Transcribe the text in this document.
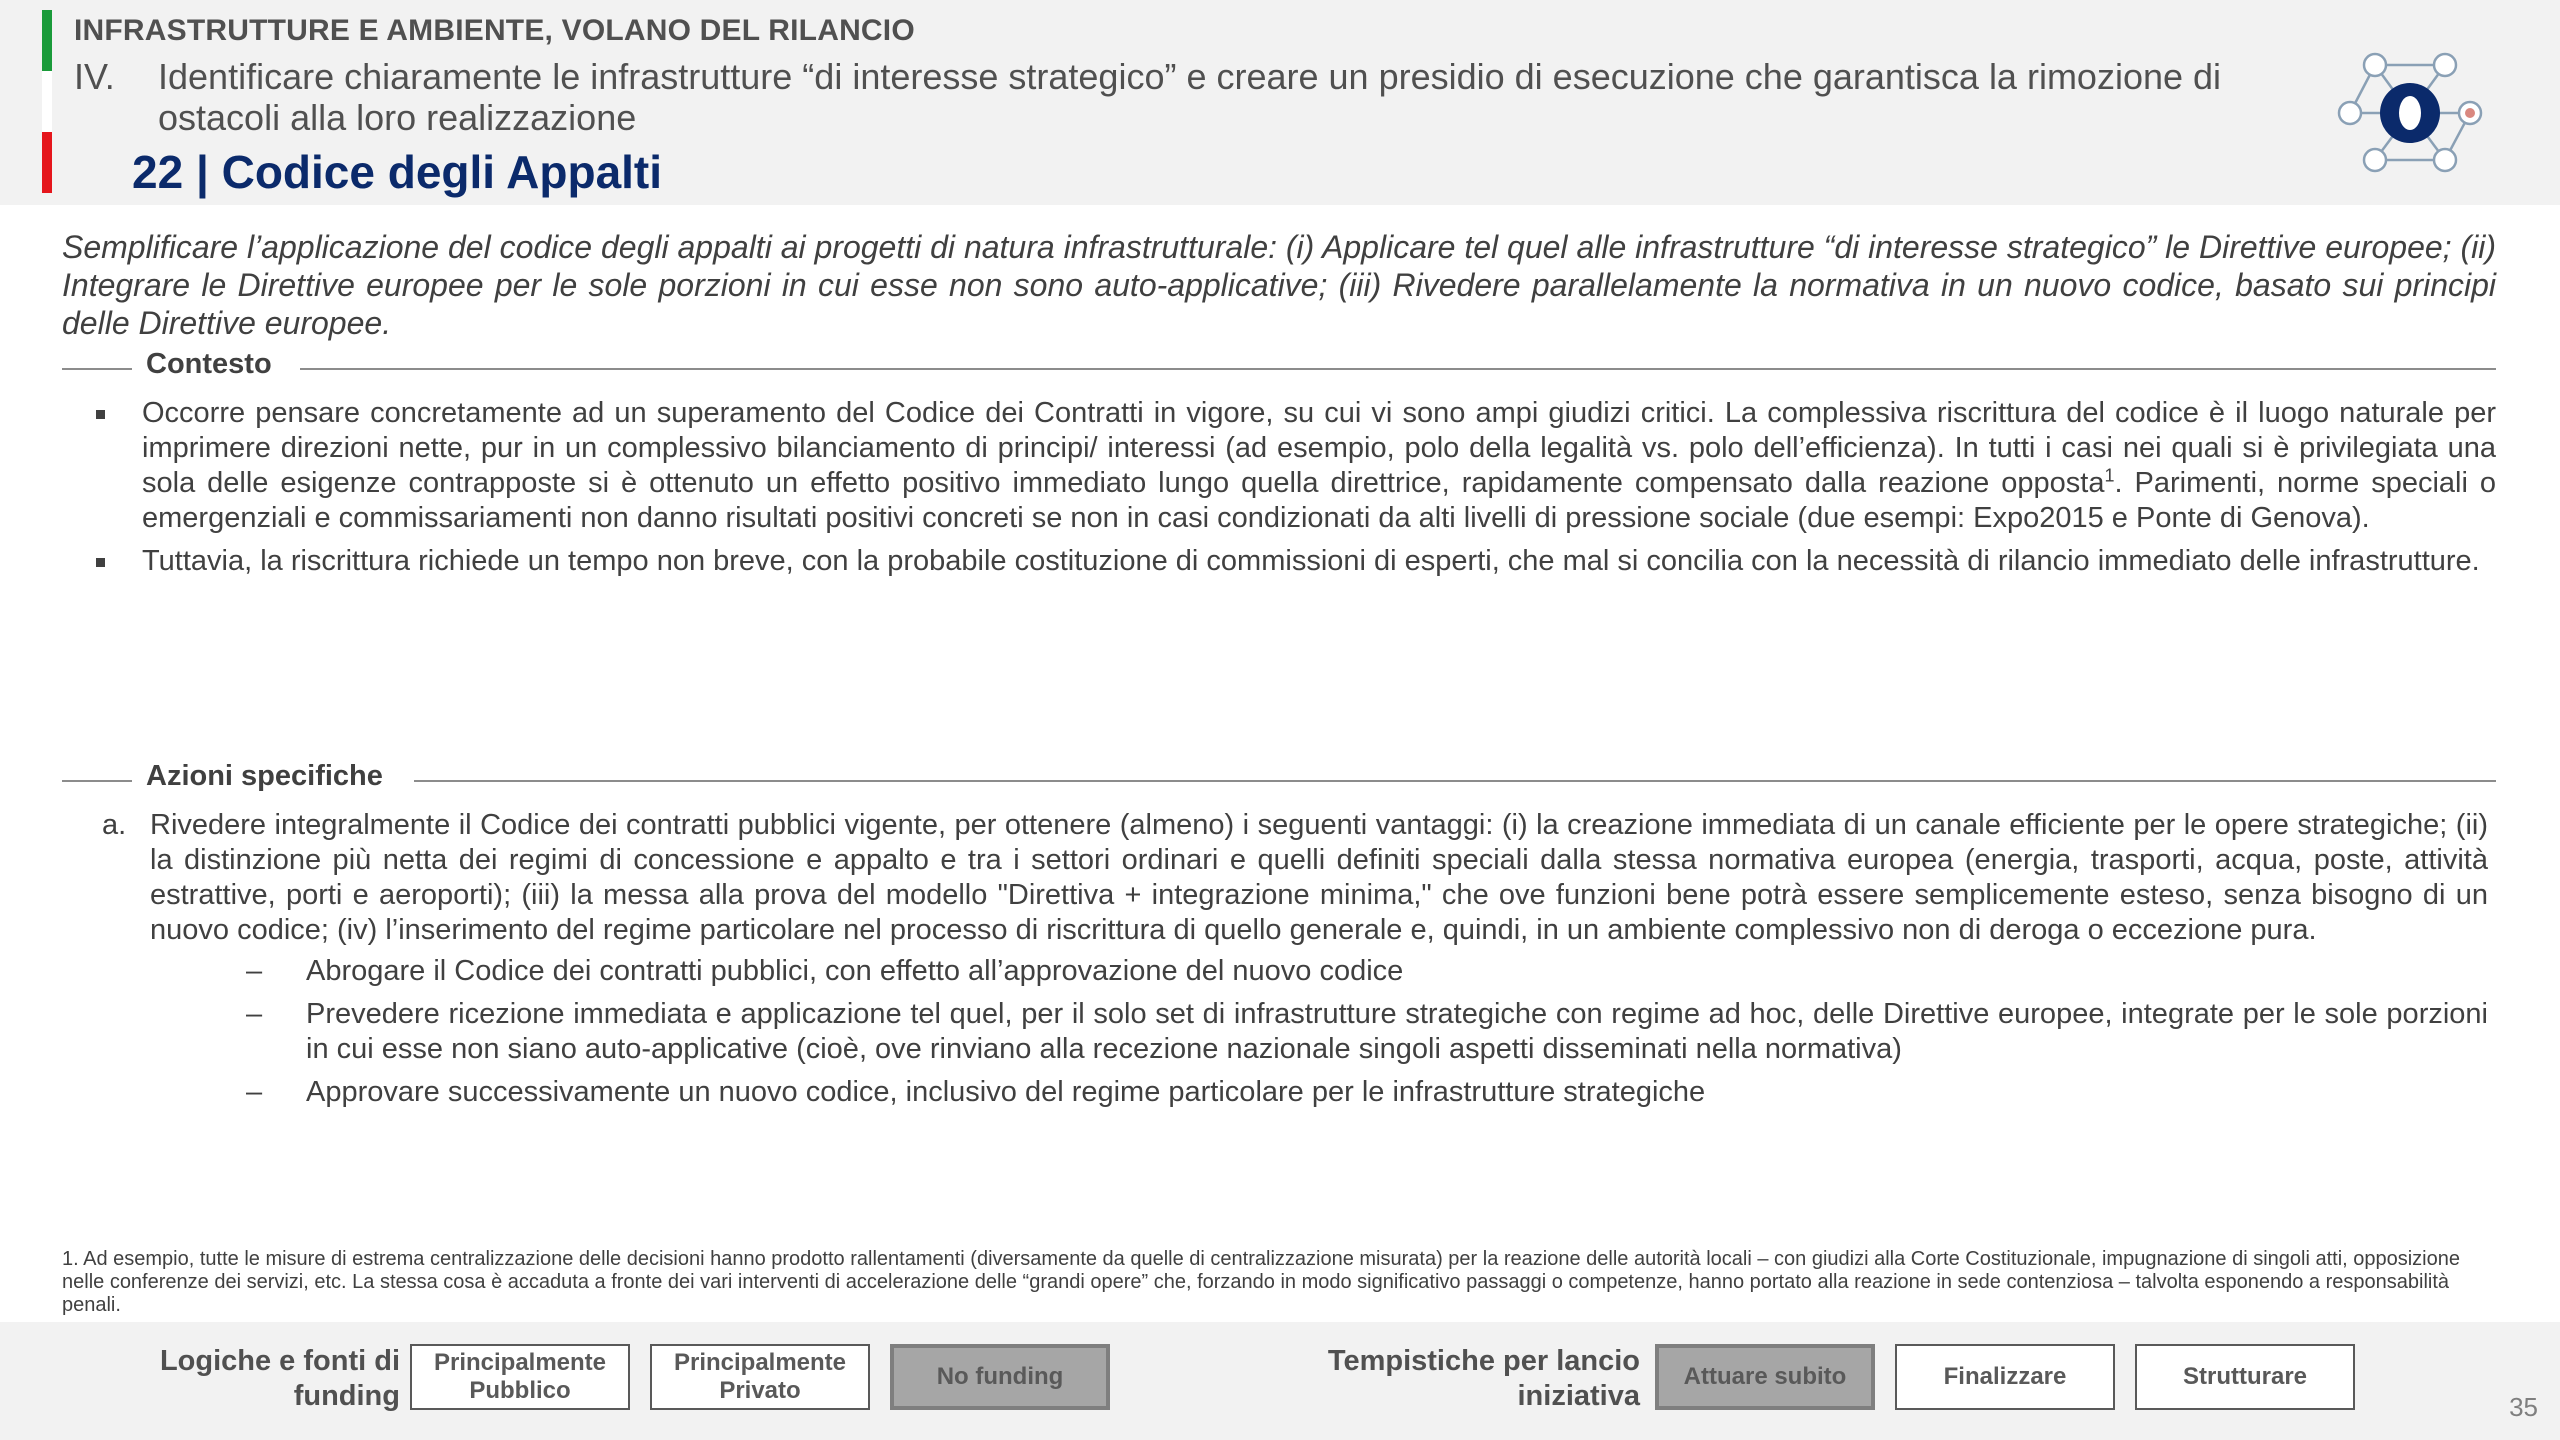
INFRASTRUTTURE E AMBIENTE, VOLANO DEL RILANCIO
IV. Identificare chiaramente le infrastrutture “di interesse strategico” e creare un presidio di esecuzione che garantisca la rimozione di ostacoli alla loro realizzazione
22 | Codice degli Appalti
Semplificare l’applicazione del codice degli appalti ai progetti di natura infrastrutturale: (i) Applicare tel quel alle infrastrutture “di interesse strategico” le Direttive europee; (ii) Integrare le Direttive europee per le sole porzioni in cui esse non sono auto-applicative; (iii) Rivedere parallelamente la normativa in un nuovo codice, basato sui principi delle Direttive europee.
Contesto
Occorre pensare concretamente ad un superamento del Codice dei Contratti in vigore, su cui vi sono ampi giudizi critici. La complessiva riscrittura del codice è il luogo naturale per imprimere direzioni nette, pur in un complessivo bilanciamento di principi/ interessi (ad esempio, polo della legalità vs. polo dell’efficienza). In tutti i casi nei quali si è privilegiata una sola delle esigenze contrapposte si è ottenuto un effetto positivo immediato lungo quella direttrice, rapidamente compensato dalla reazione opposta$^1$. Parimenti, norme speciali o emergenziali e commissariamenti non danno risultati positivi concreti se non in casi condizionati da alti livelli di pressione sociale (due esempi: Expo2015 e Ponte di Genova).
Tuttavia, la riscrittura richiede un tempo non breve, con la probabile costituzione di commissioni di esperti, che mal si concilia con la necessità di rilancio immediato delle infrastrutture.
Azioni specifiche
a. Rivedere integralmente il Codice dei contratti pubblici vigente, per ottenere (almeno) i seguenti vantaggi: (i) la creazione immediata di un canale efficiente per le opere strategiche; (ii) la distinzione più netta dei regimi di concessione e appalto e tra i settori ordinari e quelli definiti speciali dalla stessa normativa europea (energia, trasporti, acqua, poste, attività estrattive, porti e aeroporti); (iii) la messa alla prova del modello "Direttiva + integrazione minima," che ove funzioni bene potrà essere semplicemente esteso, senza bisogno di un nuovo codice; (iv) l’inserimento del regime particolare nel processo di riscrittura di quello generale e, quindi, in un ambiente complessivo non di deroga o eccezione pura.
– Abrogare il Codice dei contratti pubblici, con effetto all’approvazione del nuovo codice
– Prevedere ricezione immediata e applicazione tel quel, per il solo set di infrastrutture strategiche con regime ad hoc, delle Direttive europee, integrate per le sole porzioni in cui esse non siano auto-applicative (cioè, ove rinviano alla recezione nazionale singoli aspetti disseminati nella normativa)
– Approvare successivamente un nuovo codice, inclusivo del regime particolare per le infrastrutture strategiche
1. Ad esempio, tutte le misure di estrema centralizzazione delle decisioni hanno prodotto rallentamenti (diversamente da quelle di centralizzazione misurata) per la reazione delle autorità locali – con giudizi alla Corte Costituzionale, impugnazione di singoli atti, opposizione nelle conferenze dei servizi, etc. La stessa cosa è accaduta a fronte dei vari interventi di accelerazione delle “grandi opere” che, forzando in modo significativo passaggi o competenze, hanno portato alla reazione in sede contenziosa – talvolta esponendo a responsabilità penali.
Logiche e fonti di funding
Principalmente Pubblico
Principalmente Privato
No funding	Tempistiche per lancio iniziativa
Attuare subito	Finalizzare	Strutturare
35
